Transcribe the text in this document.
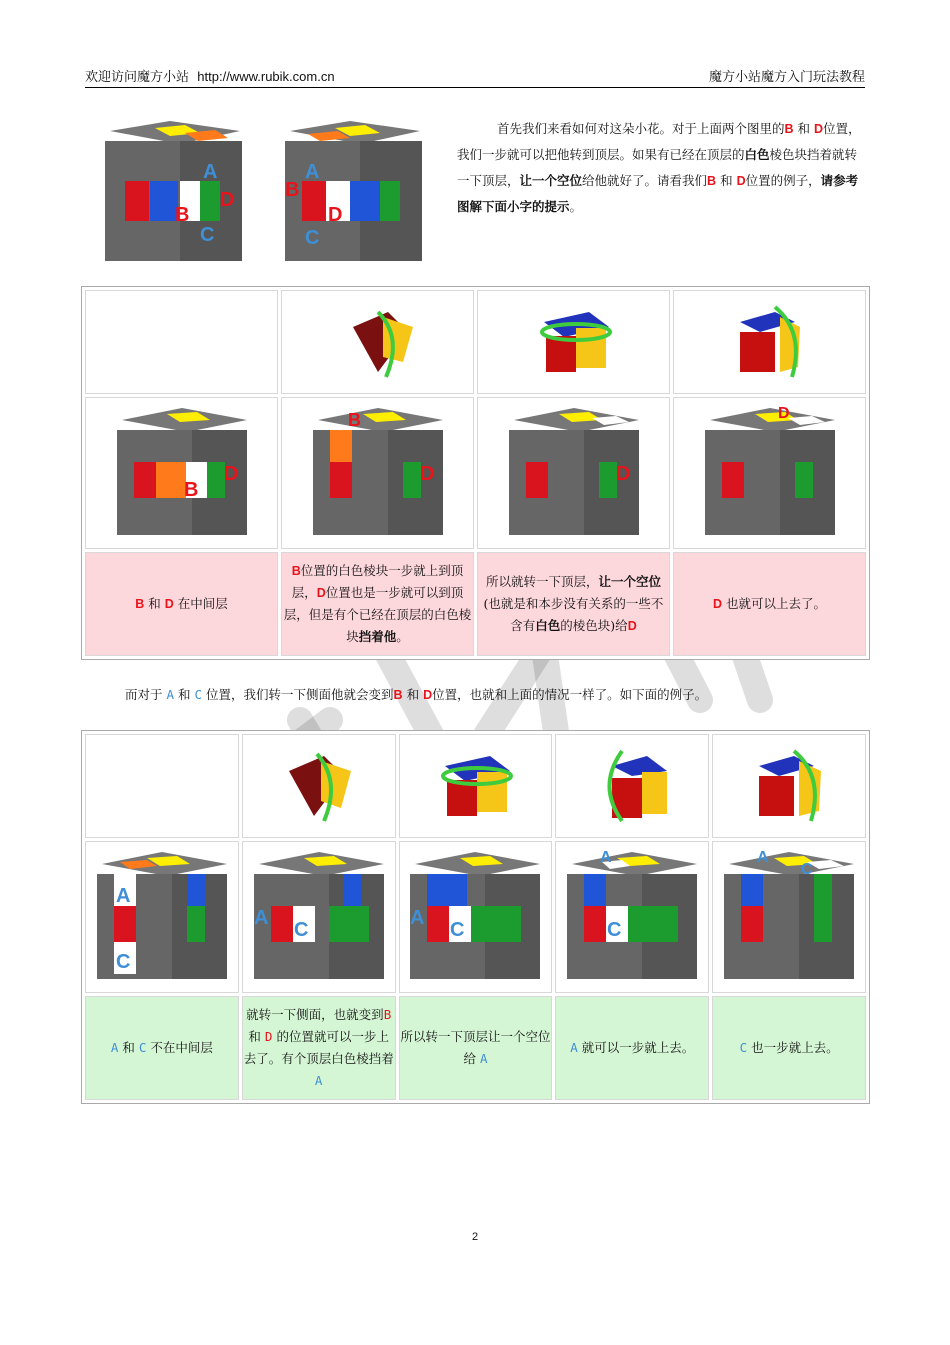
欢迎访问魔方小站 http://www.rubik.com.cn	魔方小站魔方入门玩法教程
B
D
A
C
B
D
A
C
首先我们来看如何对这朵小花。对于上面两个图里的B 和 D位置，我们一步就可以把他转到顶层。如果有已经在顶层的白色棱色块挡着就转一下顶层，让一个空位给他就好了。请看我们B 和 D位置的例子，请参考图解下面小字的提示。

B
D	B
D	D	D

B 和 D 在中间层	B位置的白色棱块一步就上到顶层，D位置也是一步就可以到顶层，但是有个已经在顶层的白色棱块挡着他。	所以就转一下顶层，让一个空位(也就是和本步没有关系的一些不含有白色的棱色块)给D	D 也就可以上去了。
而对于 A 和 C 位置，我们转一下侧面他就会变到B 和 D位置，也就和上面的情况一样了。如下面的例子。

A
C	A
C	A
C	A
C	A
C

A 和 C 不在中间层	就转一下侧面，也就变到B 和 D 的位置就可以一步上去了。有个顶层白色棱挡着 A	所以转一下顶层让一个空位给 A	A 就可以一步就上去。	C 也一步就上去。
2
